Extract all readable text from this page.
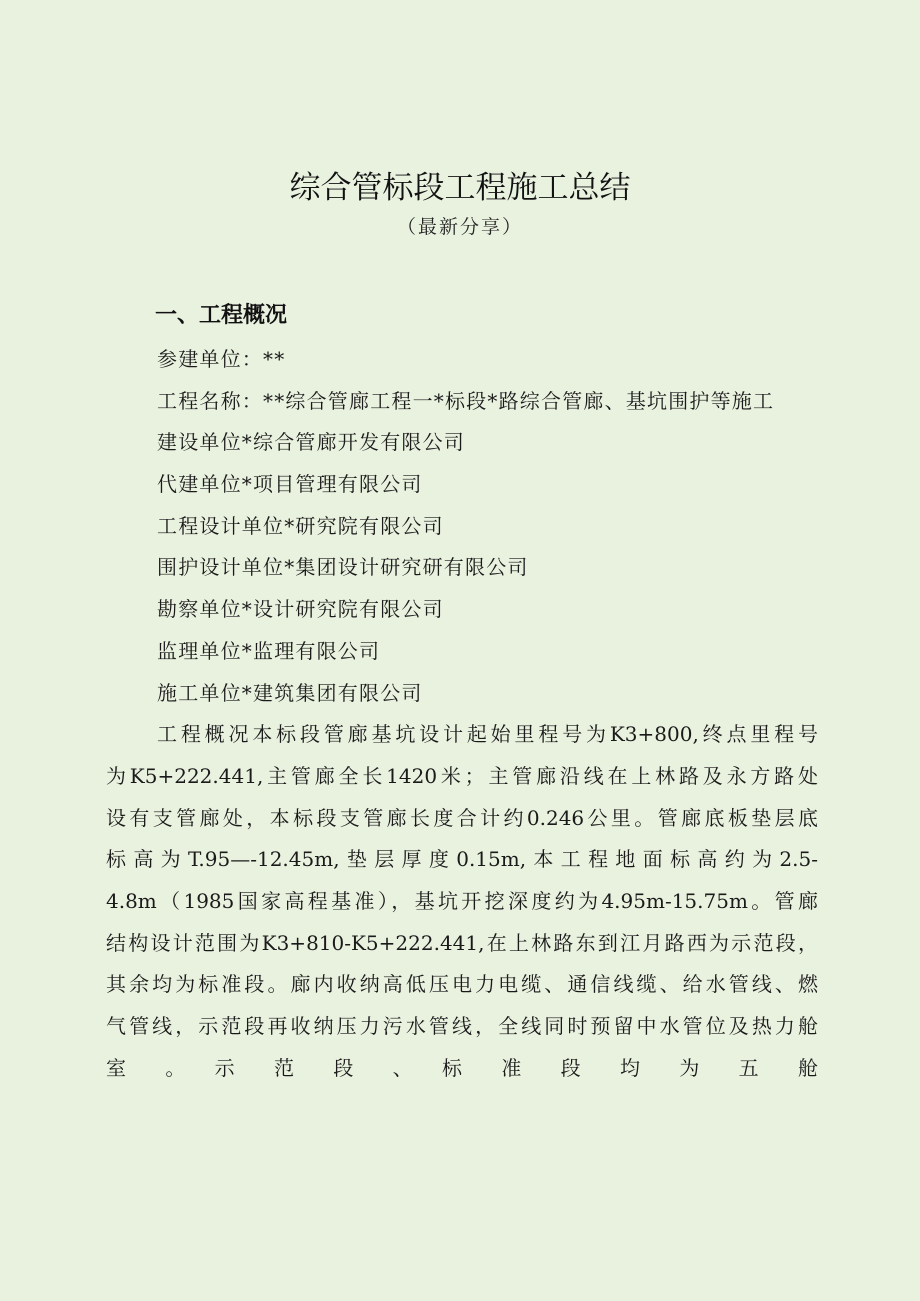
综合管标段工程施工总结
（最新分享）
一、工程概况
参建单位：**
工程名称：**综合管廊工程一*标段*路综合管廊、基坑围护等施工
建设单位*综合管廊开发有限公司
代建单位*项目管理有限公司
工程设计单位*研究院有限公司
围护设计单位*集团设计研究研有限公司
勘察单位*设计研究院有限公司
监理单位*监理有限公司
施工单位*建筑集团有限公司
工程概况本标段管廊基坑设计起始里程号为K3+800,终点里程号
为K5+222.441,主管廊全长1420米；主管廊沿线在上林路及永方路处
设有支管廊处，本标段支管廊长度合计约0.246公里。管廊底板垫层底
标高为T.95—-12.45m,垫层厚度0.15m,本工程地面标高约为2.5-
4.8m（1985国家高程基准），基坑开挖深度约为4.95m-15.75m。管廊
结构设计范围为K3+810-K5+222.441,在上林路东到江月路西为示范段，
其余均为标准段。廊内收纳高低压电力电缆、通信线缆、给水管线、燃
气管线，示范段再收纳压力污水管线，全线同时预留中水管位及热力舱
室　。　示　范　段　、　标　准　段　均　为　五　舱
